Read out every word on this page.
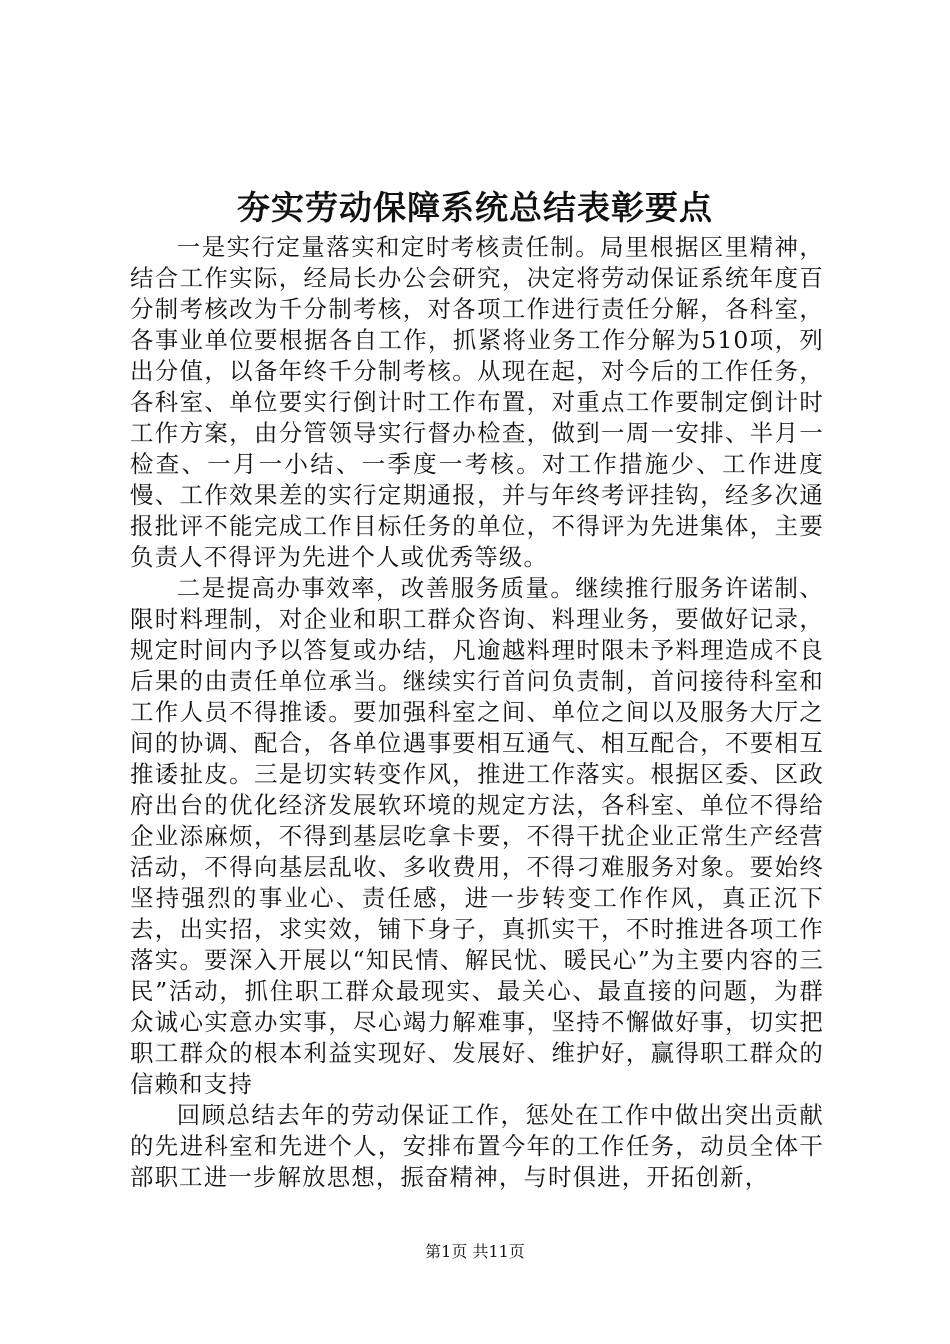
夯实劳动保障系统总结表彰要点

一是实行定量落实和定时考核责任制。局里根据区里精神，结合工作实际，经局长办公会研究，决定将劳动保证系统年度百分制考核改为千分制考核，对各项工作进行责任分解，各科室，各事业单位要根据各自工作，抓紧将业务工作分解为510项，列出分值，以备年终千分制考核。从现在起，对今后的工作任务，各科室、单位要实行倒计时工作布置，对重点工作要制定倒计时工作方案，由分管领导实行督办检查，做到一周一安排、半月一检查、一月一小结、一季度一考核。对工作措施少、工作进度慢、工作效果差的实行定期通报，并与年终考评挂钩，经多次通报批评不能完成工作目标任务的单位，不得评为先进集体，主要负责人不得评为先进个人或优秀等级。

二是提高办事效率，改善服务质量。继续推行服务许诺制、限时料理制，对企业和职工群众咨询、料理业务，要做好记录，规定时间内予以答复或办结，凡逾越料理时限未予料理造成不良后果的由责任单位承当。继续实行首问负责制，首问接待科室和工作人员不得推诿。要加强科室之间、单位之间以及服务大厅之间的协调、配合，各单位遇事要相互通气、相互配合，不要相互推诿扯皮。三是切实转变作风，推进工作落实。根据区委、区政府出台的优化经济发展软环境的规定方法，各科室、单位不得给企业添麻烦，不得到基层吃拿卡要，不得干扰企业正常生产经营活动，不得向基层乱收、多收费用，不得刁难服务对象。要始终坚持强烈的事业心、责任感，进一步转变工作作风，真正沉下去，出实招，求实效，铺下身子，真抓实干，不时推进各项工作落实。要深入开展以“知民情、解民忧、暖民心”为主要内容的三民”活动，抓住职工群众最现实、最关心、最直接的问题，为群众诚心实意办实事，尽心竭力解难事，坚持不懈做好事，切实把职工群众的根本利益实现好、发展好、维护好，赢得职工群众的信赖和支持

回顾总结去年的劳动保证工作，惩处在工作中做出突出贡献的先进科室和先进个人，安排布置今年的工作任务，动员全体干部职工进一步解放思想，振奋精神，与时俱进，开拓创新，

第1页 共11页
